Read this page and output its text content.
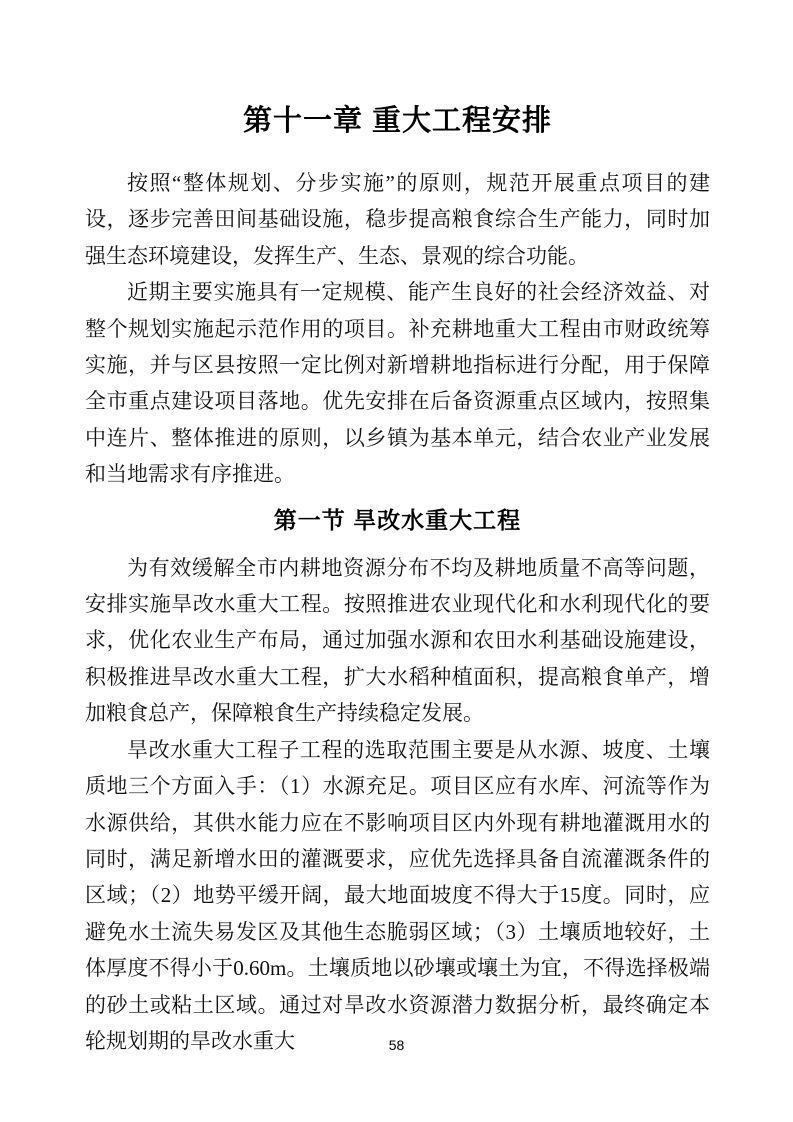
第十一章 重大工程安排

按照“整体规划、分步实施”的原则，规范开展重点项目的建设，逐步完善田间基础设施，稳步提高粮食综合生产能力，同时加强生态环境建设，发挥生产、生态、景观的综合功能。

近期主要实施具有一定规模、能产生良好的社会经济效益、对整个规划实施起示范作用的项目。补充耕地重大工程由市财政统筹实施，并与区县按照一定比例对新增耕地指标进行分配，用于保障全市重点建设项目落地。优先安排在后备资源重点区域内，按照集中连片、整体推进的原则，以乡镇为基本单元，结合农业产业发展和当地需求有序推进。

第一节 旱改水重大工程

为有效缓解全市内耕地资源分布不均及耕地质量不高等问题，安排实施旱改水重大工程。按照推进农业现代化和水利现代化的要求，优化农业生产布局，通过加强水源和农田水利基础设施建设，积极推进旱改水重大工程，扩大水稻种植面积，提高粮食单产，增加粮食总产，保障粮食生产持续稳定发展。

旱改水重大工程子工程的选取范围主要是从水源、坡度、土壤质地三个方面入手：（1）水源充足。项目区应有水库、河流等作为水源供给，其供水能力应在不影响项目区内外现有耕地灌溉用水的同时，满足新增水田的灌溉要求，应优先选择具备自流灌溉条件的区域；（2）地势平缓开阔，最大地面坡度不得大于15度。同时，应避免水土流失易发区及其他生态脆弱区域；（3）土壤质地较好，土体厚度不得小于0.60m。土壤质地以砂壤或壤土为宜，不得选择极端的砂土或粘土区域。通过对旱改水资源潜力数据分析，最终确定本轮规划期的旱改水重大	58
